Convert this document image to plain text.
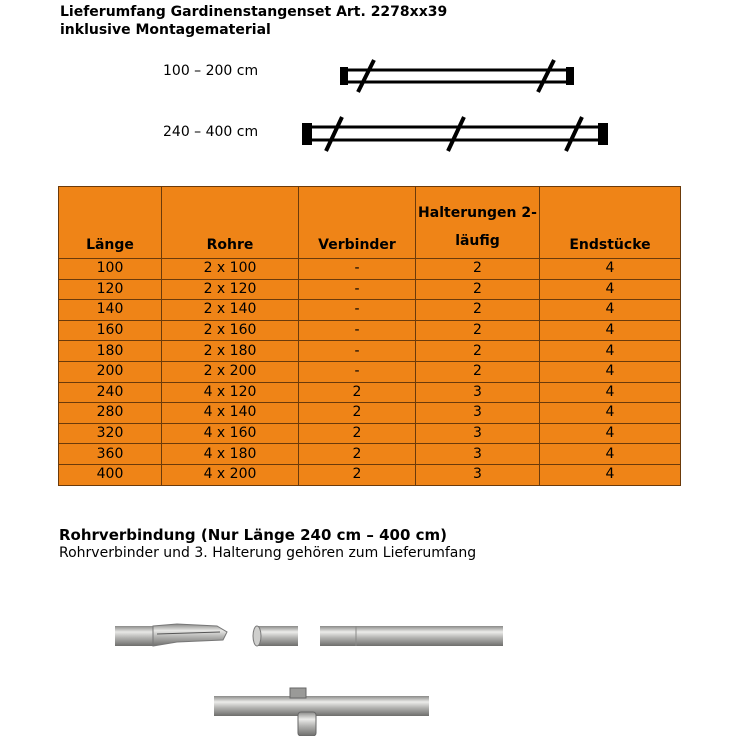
Lieferumfang Gardinenstangenset Art. 2278xx39
inklusive Montagematerial
100 – 200 cm
240 – 400 cm
Länge	Rohre	Verbinder	Halterungen 2-läufig	Endstücke
100	2 x 100	-	2	4
120	2 x 120	-	2	4
140	2 x 140	-	2	4
160	2 x 160	-	2	4
180	2 x 180	-	2	4
200	2 x 200	-	2	4
240	4 x 120	2	3	4
280	4 x 140	2	3	4
320	4 x 160	2	3	4
360	4 x 180	2	3	4
400	4 x 200	2	3	4
Rohrverbindung (Nur Länge 240 cm – 400 cm)
Rohrverbinder und 3. Halterung gehören zum Lieferumfang
